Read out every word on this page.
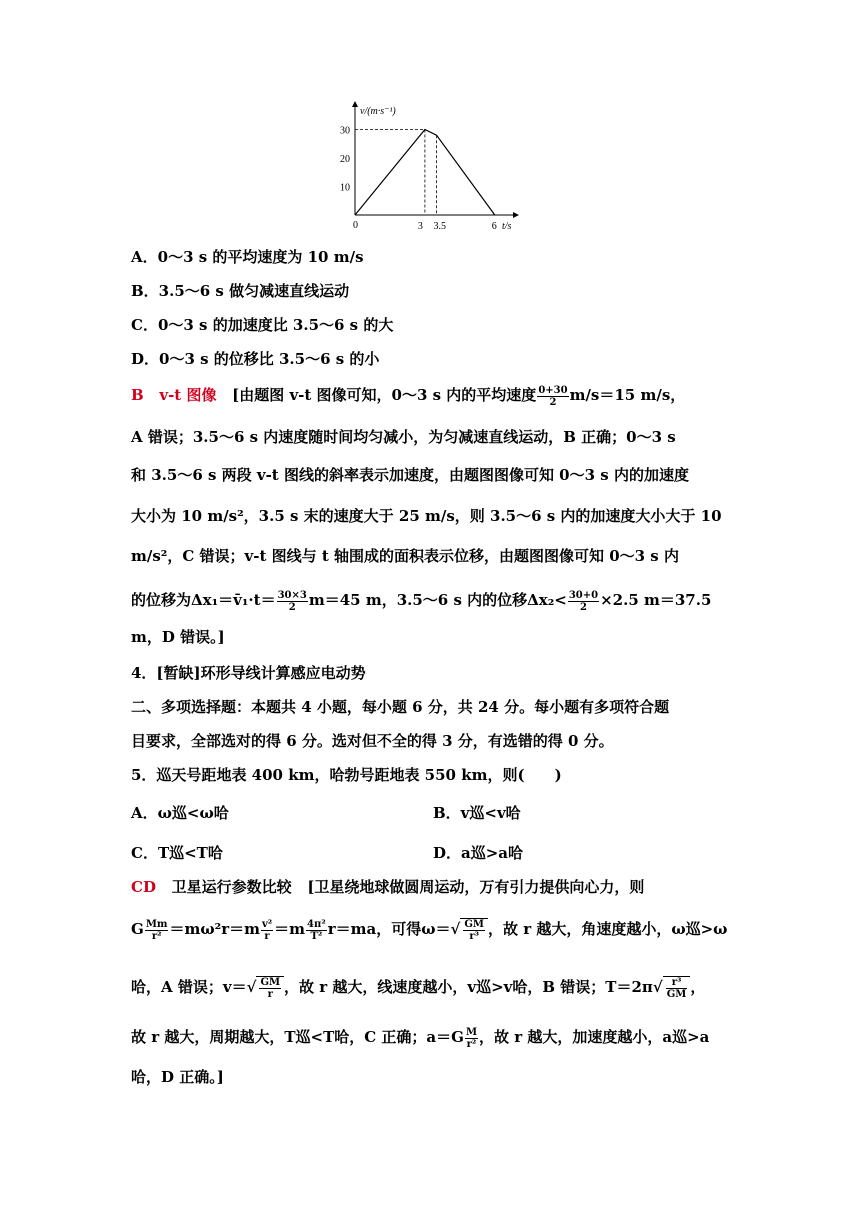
v/(m·s⁻¹)
t/s
0
10
20
30
3 3.5	6
A．0～3 s 的平均速度为 10 m/s
B．3.5～6 s 做匀减速直线运动
C．0～3 s 的加速度比 3.5～6 s 的大
D．0～3 s 的位移比 3.5～6 s 的小
B v-t 图像 [由题图 v-t 图像可知，0～3 s 内的平均速度 $\frac{0+30}{2} m/s=15$ m/s，
A 错误；3.5～6 s 内速度随时间均匀减小，为匀减速直线运动，B 正确；0～3 s
和 3.5～6 s 两段 v-t 图线的斜率表示加速度，由题图图像可知 0～3 s 内的加速度
大小为 10 m/s²，3.5 s 末的速度大于 25 m/s，则 3.5～6 s 内的加速度大小大于 10
m/s²，C 错误；v-t 图线与 t 轴围成的面积表示位移，由题图图像可知 0～3 s 内
的位移为Δx₁＝v̄₁·t＝ $\frac{30\times 3}{2} m=45$ m，3.5～6 s 内的位移$\Delta x_2< \frac{30+0}{2} \times 2.5$ m＝37.5
m，D 错误。]
4．[暂缺]环形导线计算感应电动势
二、多项选择题：本题共 4 小题，每小题 6 分，共 24 分。每小题有多项符合题
目要求，全部选对的得 6 分。选对但不全的得 3 分，有选错的得 0 分。
5．巡天号距地表 400 km，哈勃号距地表 550 km，则(　　)
A．ω巡<ω哈	B．v巡<v哈
C．T巡<T哈	D．a巡>a哈
CD 卫星运行参数比较 [卫星绕地球做圆周运动，万有引力提供向心力，则
G $\frac{Mm}{\text{r²}} =m\omega^2r=m \frac{\text{v²}}{r} =m \frac{\text{4π²}}{\text{T²}} r=ma$，可得$\omega=√ \frac{GM}{\text{r³}}$ ，故 r 越大，角速度越小，ω巡>ω
哈，A 错误；$v=√ \frac{GM}{r}$ ，故 r 越大，线速度越小，v巡>v哈，B 错误；$T=2\pi√ \frac{\text{r³}}{GM}$ ，
故 r 越大，周期越大，T巡<T哈，C 正确；$a=G \frac{M}{\text{r²}}$ ，故 r 越大，加速度越小，a巡>a
哈，D 正确。]
